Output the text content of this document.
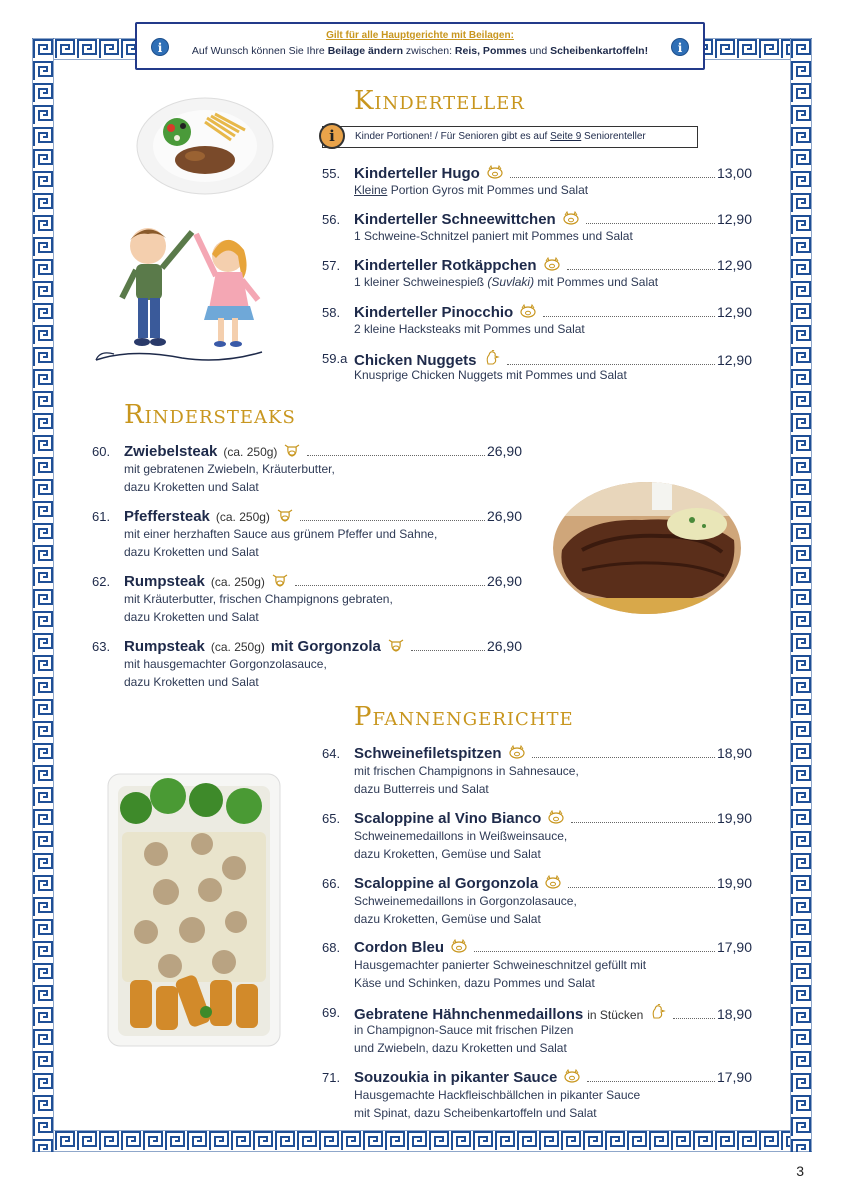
i	i
Gilt für alle Hauptgerichte mit Beilagen:
Auf Wunsch können Sie Ihre Beilage ändern zwischen: Reis, Pommes und Scheibenkartoffeln!
Kinderteller
i	Kinder Portionen! / Für Senioren gibt es auf Seite 9 Seniorenteller
55. Kinderteller Hugo	13,00
Kleine Portion Gyros mit Pommes und Salat
56. Kinderteller Schneewittchen	12,90
1 Schweine-Schnitzel paniert mit Pommes und Salat
57. Kinderteller Rotkäppchen	12,90
1 kleiner Schweinespieß (Suvlaki) mit Pommes und Salat
58. Kinderteller Pinocchio	12,90
2 kleine Hacksteaks mit Pommes und Salat
59.a Chicken Nuggets	12,90
Knusprige Chicken Nuggets mit Pommes und Salat
Rindersteaks
60. Zwiebelsteak (ca. 250g)	26,90
mit gebratenen Zwiebeln, Kräuterbutter,
dazu Kroketten und Salat
61. Pfeffersteak (ca. 250g)	26,90
mit einer herzhaften Sauce aus grünem Pfeffer und Sahne,
dazu Kroketten und Salat
62. Rumpsteak (ca. 250g)	26,90
mit Kräuterbutter, frischen Champignons gebraten,
dazu Kroketten und Salat
63. Rumpsteak (ca. 250g) mit Gorgonzola	26,90
mit hausgemachter Gorgonzolasauce,
dazu Kroketten und Salat
Pfannengerichte
64. Schweinefiletspitzen	18,90
mit frischen Champignons in Sahnesauce,
dazu Butterreis und Salat
65. Scaloppine al Vino Bianco	19,90
Schweinemedaillons in Weißweinsauce,
dazu Kroketten, Gemüse und Salat
66. Scaloppine al Gorgonzola	19,90
Schweinemedaillons in Gorgonzolasauce,
dazu Kroketten, Gemüse und Salat
68. Cordon Bleu	17,90
Hausgemachter panierter Schweineschnitzel gefüllt mit
Käse und Schinken, dazu Pommes und Salat
69. Gebratene Hähnchenmedaillons in Stücken	18,90
in Champignon-Sauce mit frischen Pilzen
und Zwiebeln, dazu Kroketten und Salat
71. Souzoukia in pikanter Sauce	17,90
Hausgemachte Hackfleischbällchen in pikanter Sauce
mit Spinat, dazu Scheibenkartoffeln und Salat
3
